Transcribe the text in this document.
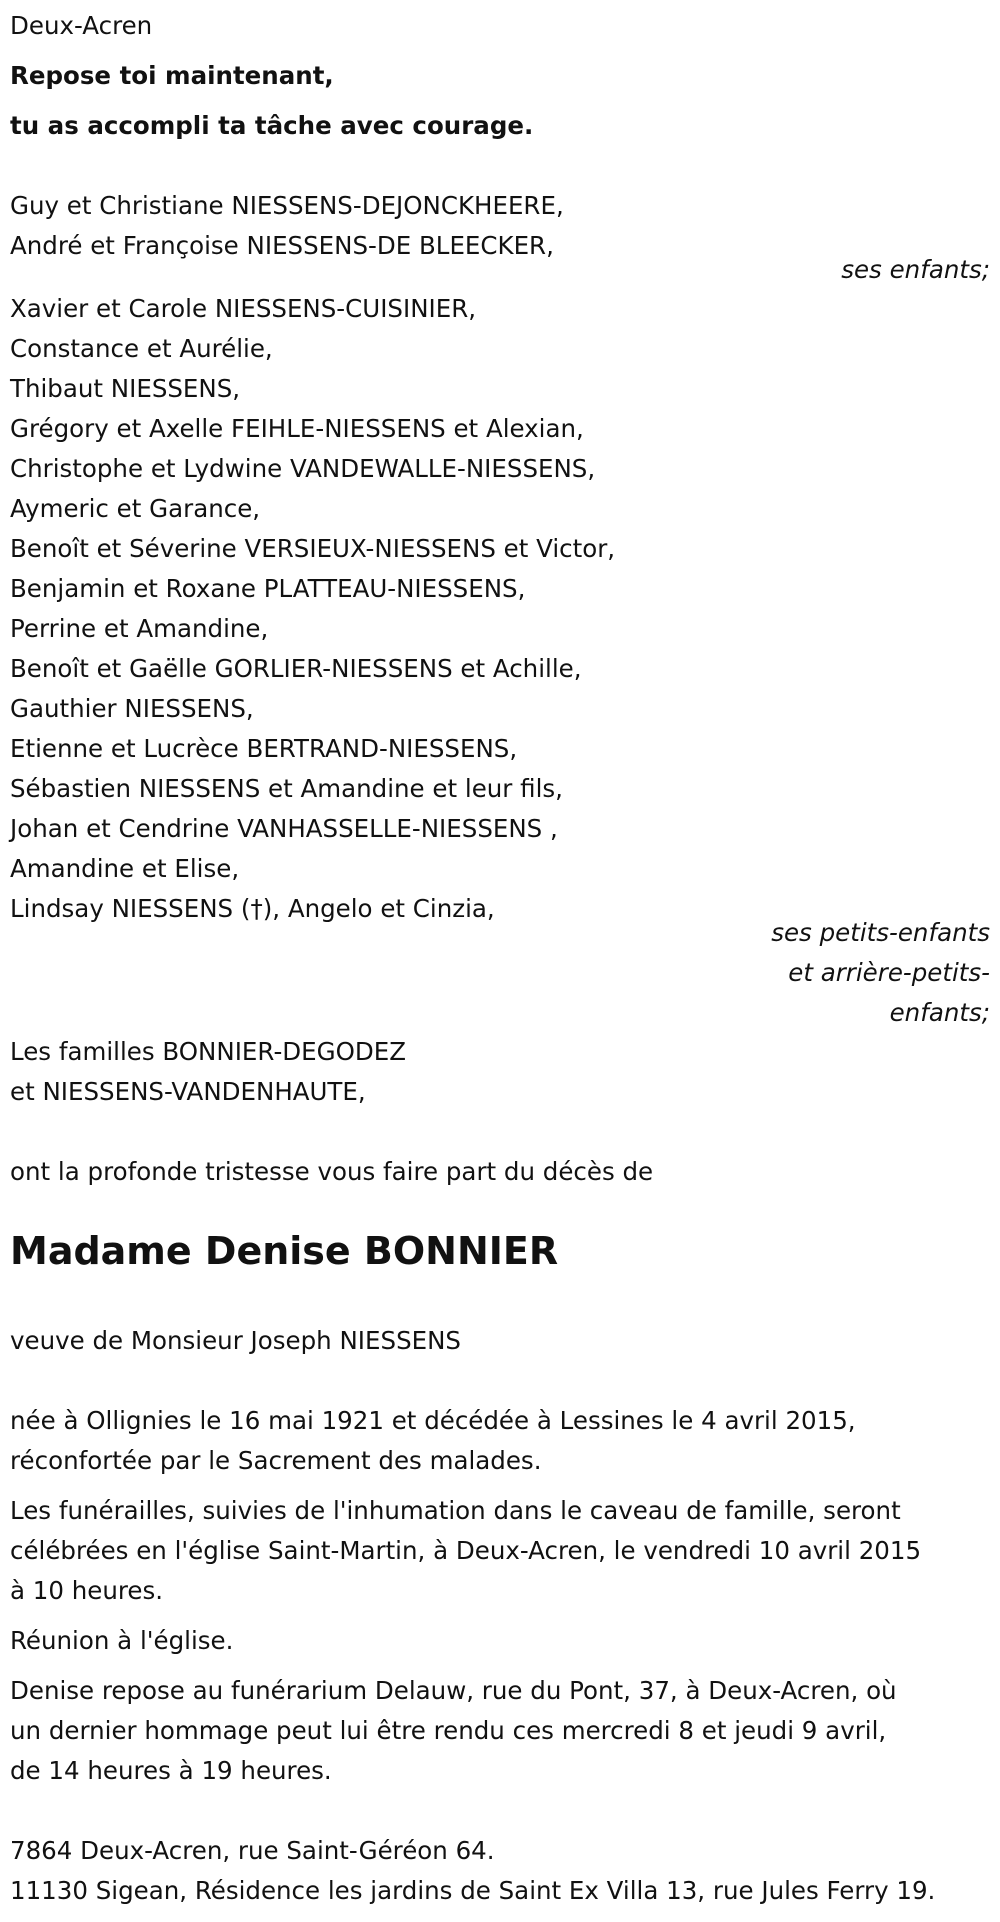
Deux-Acren
Repose toi maintenant,
tu as accompli ta tâche avec courage.
Guy et Christiane NIESSENS-DEJONCKHEERE,
André et Françoise NIESSENS-DE BLEECKER,
ses enfants;
Xavier et Carole NIESSENS-CUISINIER,
Constance et Aurélie,
Thibaut NIESSENS,
Grégory et Axelle FEIHLE-NIESSENS et Alexian,
Christophe et Lydwine VANDEWALLE-NIESSENS,
Aymeric et Garance,
Benoît et Séverine VERSIEUX-NIESSENS et Victor,
Benjamin et Roxane PLATTEAU-NIESSENS,
Perrine et Amandine,
Benoît et Gaëlle GORLIER-NIESSENS et Achille,
Gauthier NIESSENS,
Etienne et Lucrèce BERTRAND-NIESSENS,
Sébastien NIESSENS et Amandine et leur fils,
Johan et Cendrine VANHASSELLE-NIESSENS ,
Amandine et Elise,
Lindsay NIESSENS (†), Angelo et Cinzia,
ses petits-enfants
et arrière-petits-
enfants;
Les familles BONNIER-DEGODEZ
et NIESSENS-VANDENHAUTE,
ont la profonde tristesse vous faire part du décès de
Madame Denise BONNIER
veuve de Monsieur Joseph NIESSENS
née à Ollignies le 16 mai 1921 et décédée à Lessines le 4 avril 2015,
réconfortée par le Sacrement des malades.
Les funérailles, suivies de l'inhumation dans le caveau de famille, seront
célébrées en l'église Saint-Martin, à Deux-Acren, le vendredi 10 avril 2015
à 10 heures.
Réunion à l'église.
Denise repose au funérarium Delauw, rue du Pont, 37, à Deux-Acren, où
un dernier hommage peut lui être rendu ces mercredi 8 et jeudi 9 avril,
de 14 heures à 19 heures.
7864 Deux-Acren, rue Saint-Géréon 64.
11130 Sigean, Résidence les jardins de Saint Ex Villa 13, rue Jules Ferry 19.
